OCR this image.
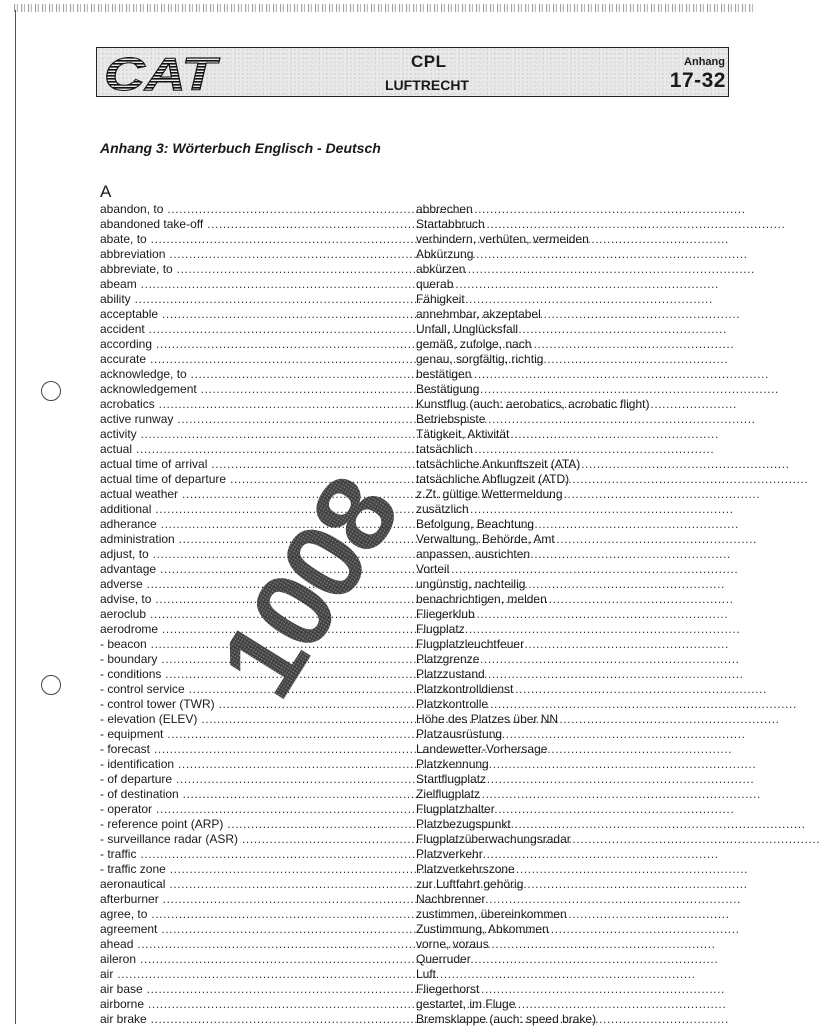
CAT	CPL
LUFTRECHT
Anhang
17-32
Anhang 3: Wörterbuch Englisch - Deutsch
A
abandon, to .....	abbrechen
abandoned take-off .....	Startabbruch
abate, to .....	verhindern, verhüten, vermeiden
abbreviation .....	Abkürzung
abbreviate, to .....	abkürzen
abeam .....	querab
ability .....	Fähigkeit
acceptable .....	annehmbar, akzeptabel
accident .....	Unfall, Unglücksfall
according .....	gemäß, zufolge, nach
accurate .....	genau, sorgfältig, richtig
acknowledge, to .....	bestätigen
acknowledgement .....	Bestätigung
acrobatics .....	Kunstflug (auch: aerobatics, acrobatic flight)
active runway .....	Betriebspiste
activity .....	Tätigkeit, Aktivität
actual .....	tatsächlich
actual time of arrival .....	tatsächliche Ankunftszeit (ATA)
actual time of departure .....	tatsächliche Abflugzeit (ATD)
actual weather .....	z.Zt. gültige Wettermeldung
additional .....	zusätzlich
adherance .....	Befolgung, Beachtung
administration .....	Verwaltung, Behörde, Amt
adjust, to .....	anpassen, ausrichten
advantage .....	Vorteil
adverse .....	ungünstig, nachteilig
advise, to .....	benachrichtigen, melden
aeroclub .....	Fliegerklub
aerodrome .....	Flugplatz
- beacon .....	Flugplatzleuchtfeuer
- boundary .....	Platzgrenze
- conditions .....	Platzzustand
- control service .....	Platzkontrolldienst
- control tower (TWR) .....	Platzkontrolle
- elevation (ELEV) .....	Höhe des Platzes über NN
- equipment .....	Platzausrüstung
- forecast .....	Landewetter-Vorhersage
- identification .....	Platzkennung
- of departure .....	Startflugplatz
- of destination .....	Zielflugplatz
- operator .....	Flugplatzhalter
- reference point (ARP) .....	Platzbezugspunkt
- surveillance radar (ASR) .....	Flugplatzüberwachungsradar
- traffic .....	Platzverkehr
- traffic zone .....	Platzverkehrszone
aeronautical .....	zur Luftfahrt gehörig
afterburner .....	Nachbrenner
agree, to .....	zustimmen, übereinkommen
agreement .....	Zustimmung, Abkommen
ahead .....	vorne, voraus
aileron .....	Querruder
air .....	Luft
air base .....	Fliegerhorst
airborne .....	gestartet, im Fluge
air brake .....	Bremsklappe (auch: speed brake)
1008
